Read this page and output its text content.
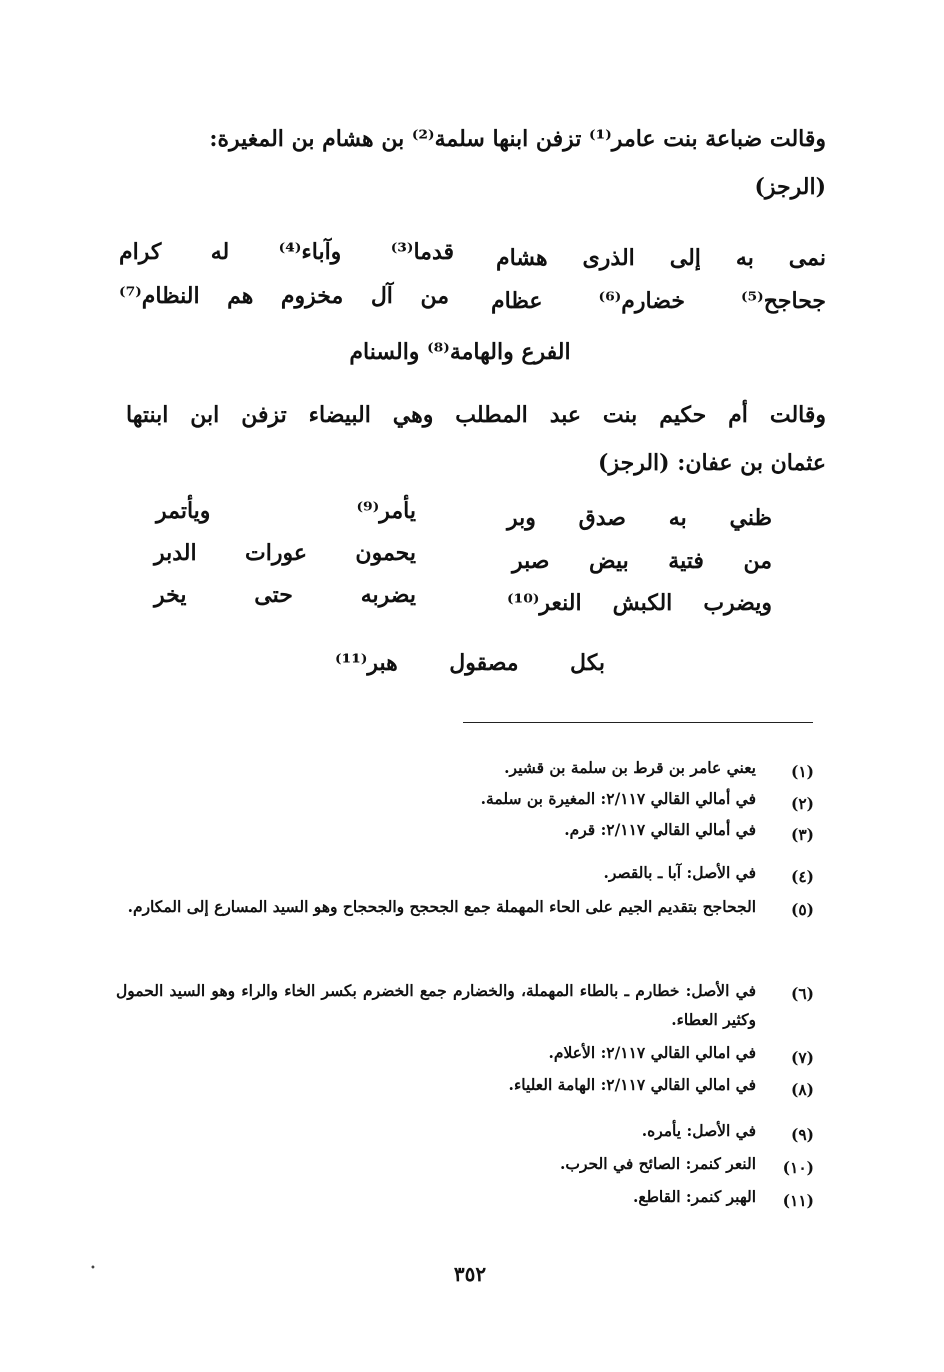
وقالت ضباعة بنت عامر⁽¹⁾ تزفن ابنها سلمة⁽²⁾ بن هشام بن المغيرة:
(الرجز)
نمى به إلى الذرى هشام
قدما⁽³⁾ وآباء⁽⁴⁾ له كرام
جحاجح⁽⁵⁾ خضارم⁽⁶⁾ عظام
من آل مخزوم هم النظام⁽⁷⁾
الفرع والهامة⁽⁸⁾ والسنام
وقالت أم حكيم بنت عبد المطلب وهي البيضاء تزفن ابن ابنتها
عثمان بن عفان: (الرجز)
ظني به صدق وبر
يأمر⁽⁹⁾ ويأتمر
من فتية بيض صبر
يحمون عورات الدبر
ويضرب الكبش النعر⁽¹⁰⁾
يضربه حتى يخر
بكل مصقول هبر⁽¹¹⁾
(١)
يعني عامر بن قرط بن سلمة بن قشير.
(٢)
في أمالي القالي ٢/١١٧: المغيرة بن سلمة.
(٣)
في أمالي القالي ٢/١١٧: قرم.
(٤)
في الأصل: آبا ـ بالقصر.
(٥)
الجحاجح بتقديم الجيم على الحاء المهملة جمع الجحجح والجحجاح وهو السيد المسارع إلى المكارم.
(٦)
في الأصل: خطارم ـ بالطاء المهملة، والخضارم جمع الخضرم بكسر الخاء والراء وهو السيد الحمول وكثير العطاء.
(٧)
في امالي القالي ٢/١١٧: الأعلام.
(٨)
في امالي القالي ٢/١١٧: الهامة العلياء.
(٩)
في الأصل: يأمره.
(١٠)
النعر كنمر: الصائح في الحرب.
(١١)
الهبر كنمر: القاطع.
٣٥٢
•
